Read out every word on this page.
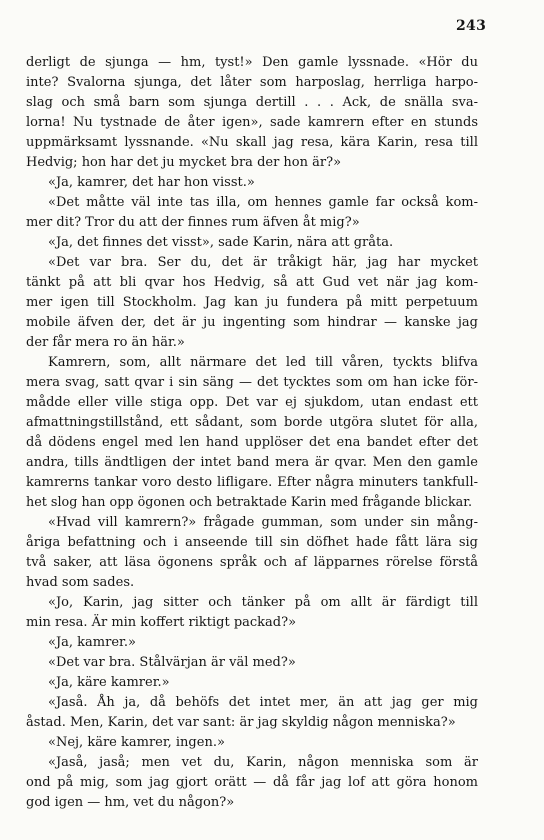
243
derligt de sjunga — hm, tyst!» Den gamle lyssnade. «Hör du
inte? Svalorna sjunga, det låter som harposlag, herrliga harpo-
slag och små barn som sjunga dertill . . . Ack, de snälla sva-
lorna! Nu tystnade de åter igen», sade kamrern efter en stunds
uppmärksamt lyssnande. «Nu skall jag resa, kära Karin, resa till
Hedvig; hon har det ju mycket bra der hon är?»
«Ja, kamrer, det har hon visst.»
«Det måtte väl inte tas illa, om hennes gamle far också kom-
mer dit? Tror du att der finnes rum äfven åt mig?»
«Ja, det finnes det visst», sade Karin, nära att gråta.
«Det var bra. Ser du, det är tråkigt här, jag har mycket
tänkt på att bli qvar hos Hedvig, så att Gud vet när jag kom-
mer igen till Stockholm. Jag kan ju fundera på mitt perpetuum
mobile äfven der, det är ju ingenting som hindrar — kanske jag
der får mera ro än här.»
Kamrern, som, allt närmare det led till våren, tyckts blifva
mera svag, satt qvar i sin säng — det tycktes som om han icke för-
mådde eller ville stiga opp. Det var ej sjukdom, utan endast ett
afmattningstillstånd, ett sådant, som borde utgöra slutet för alla,
då dödens engel med len hand upplöser det ena bandet efter det
andra, tills ändtligen der intet band mera är qvar. Men den gamle
kamrerns tankar voro desto lifligare. Efter några minuters tankfull-
het slog han opp ögonen och betraktade Karin med frågande blickar.
«Hvad vill kamrern?» frågade gumman, som under sin mång-
åriga befattning och i anseende till sin döfhet hade fått lära sig
två saker, att läsa ögonens språk och af läpparnes rörelse förstå
hvad som sades.
«Jo, Karin, jag sitter och tänker på om allt är färdigt till
min resa. Är min koffert riktigt packad?»
«Ja, kamrer.»
«Det var bra. Stålvärjan är väl med?»
«Ja, käre kamrer.»
«Jaså. Åh ja, då behöfs det intet mer, än att jag ger mig
åstad. Men, Karin, det var sant: är jag skyldig någon menniska?»
«Nej, käre kamrer, ingen.»
«Jaså, jaså; men vet du, Karin, någon menniska som är
ond på mig, som jag gjort orätt — då får jag lof att göra honom
god igen — hm, vet du någon?»
